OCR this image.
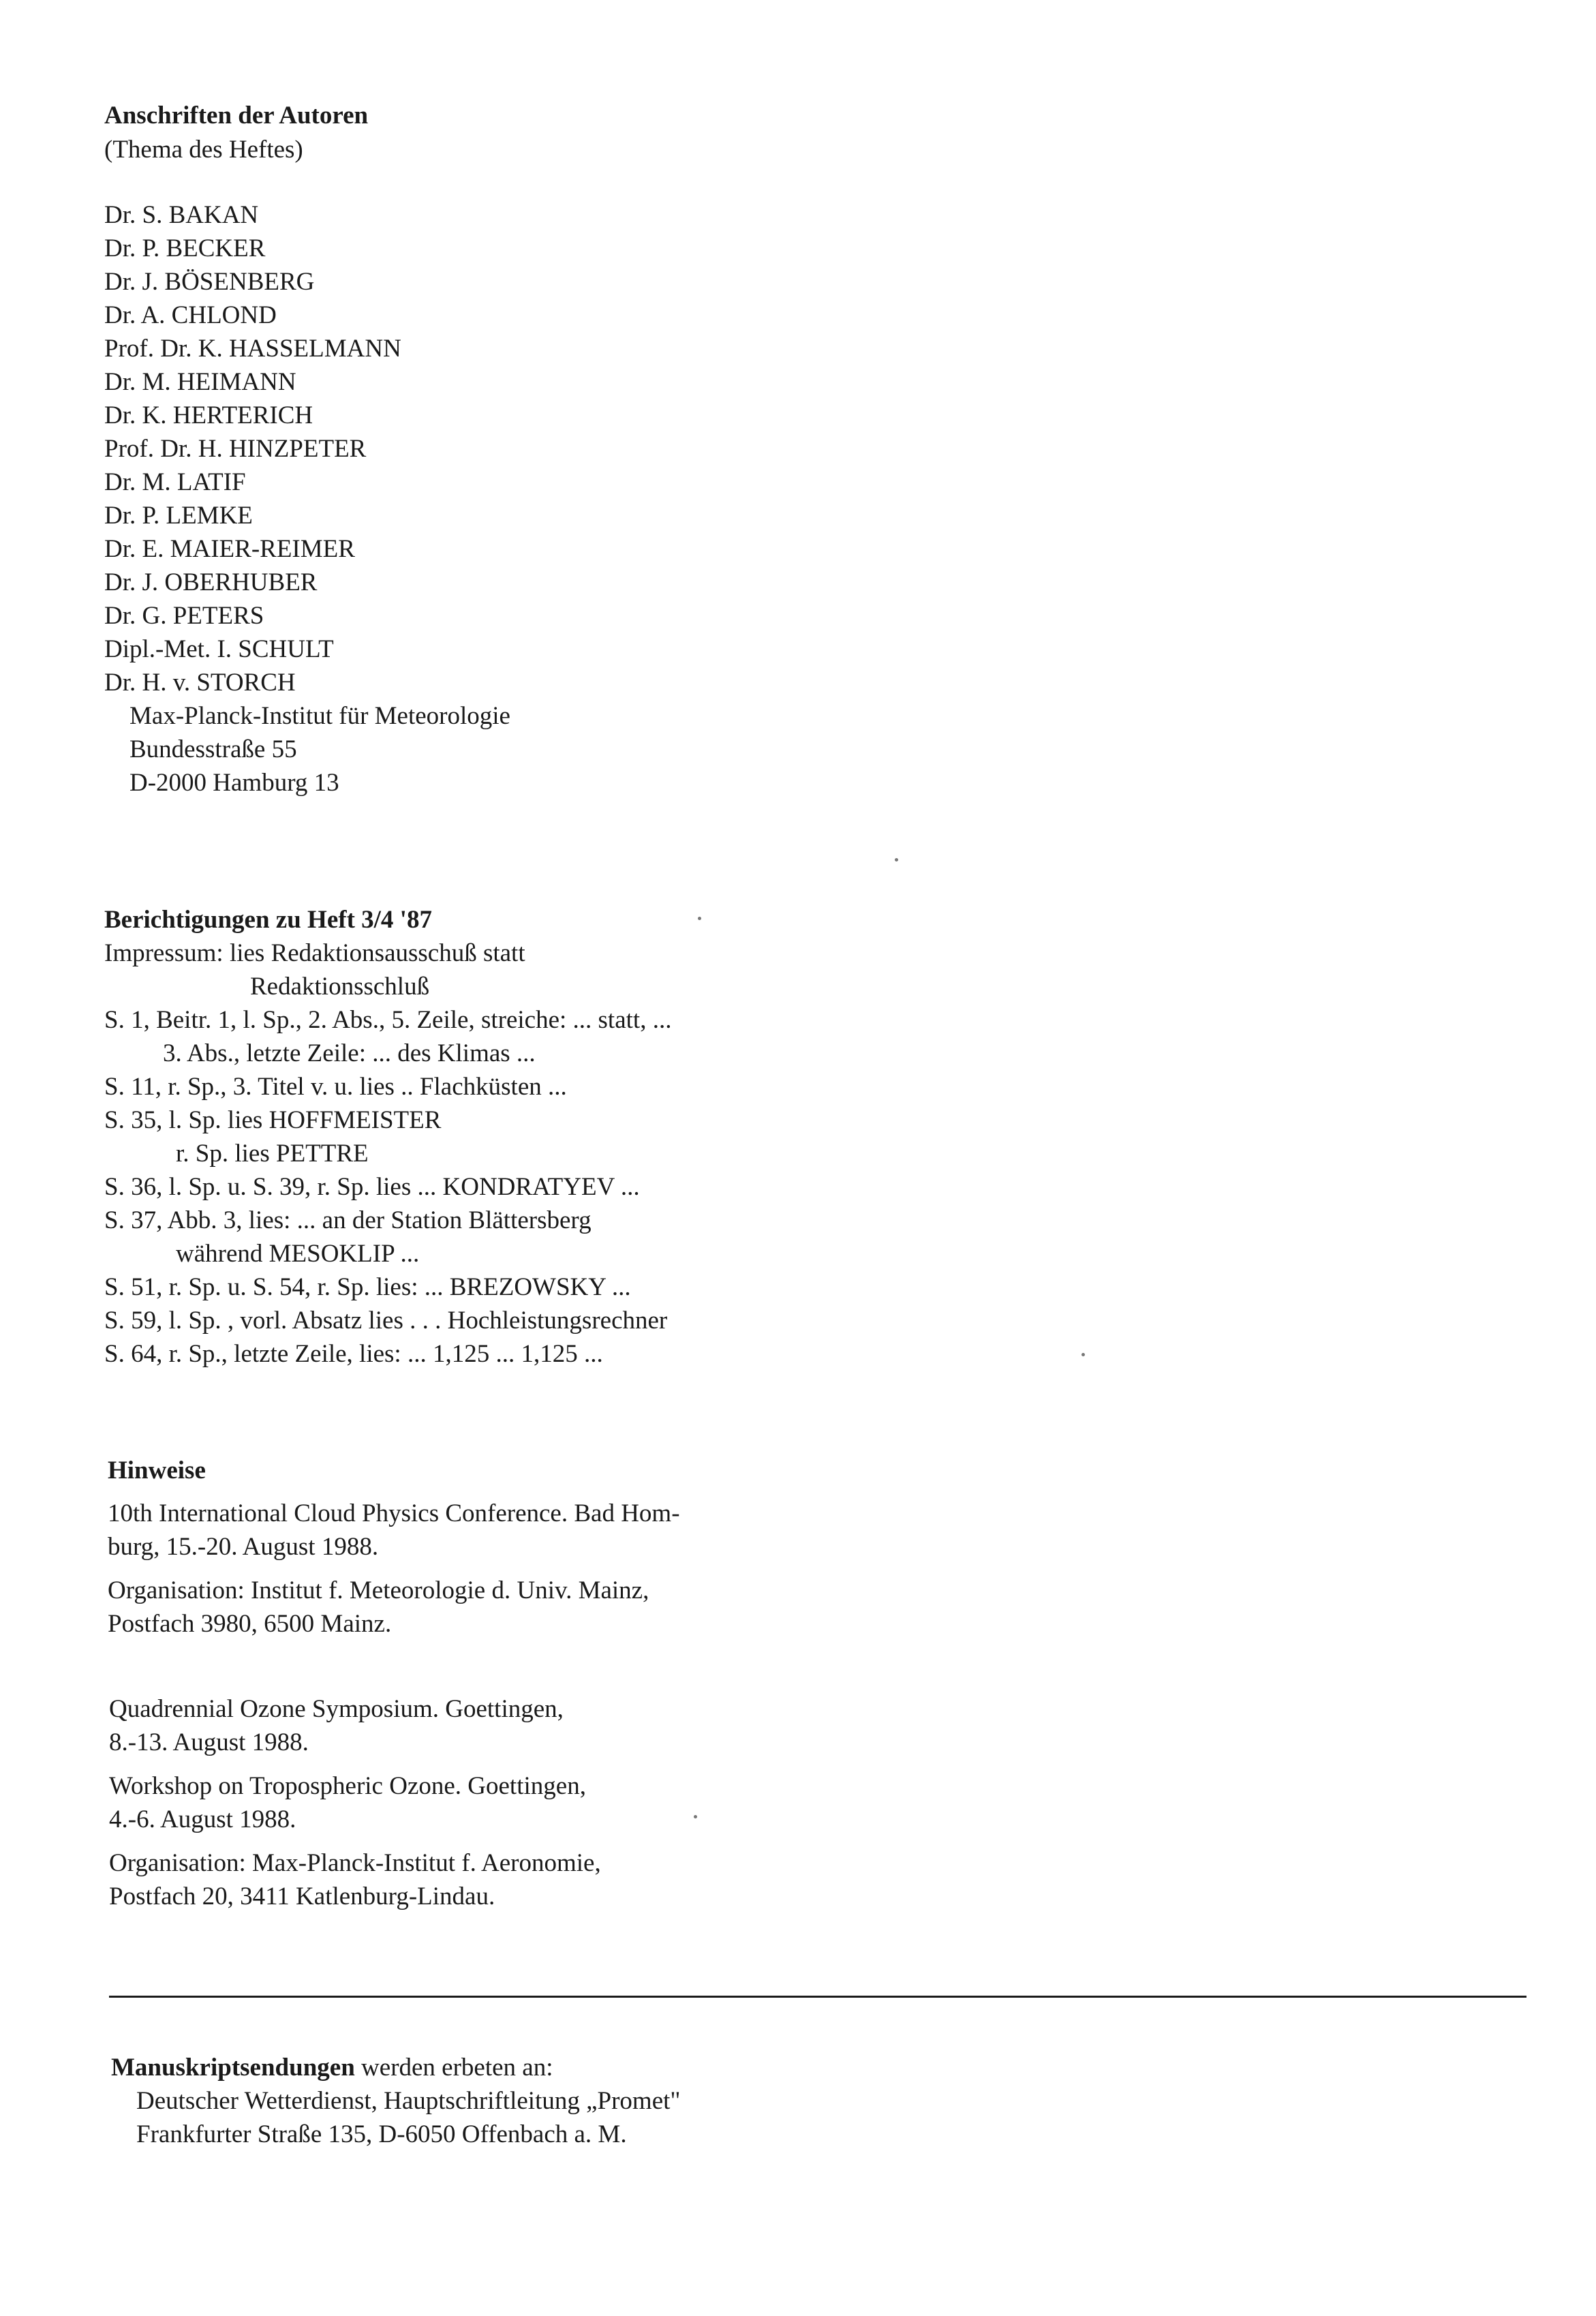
Anschriften der Autoren
(Thema des Heftes)
Dr. S. BAKAN
Dr. P. BECKER
Dr. J. BÖSENBERG
Dr. A. CHLOND
Prof. Dr. K. HASSELMANN
Dr. M. HEIMANN
Dr. K. HERTERICH
Prof. Dr. H. HINZPETER
Dr. M. LATIF
Dr. P. LEMKE
Dr. E. MAIER-REIMER
Dr. J. OBERHUBER
Dr. G. PETERS
Dipl.-Met. I. SCHULT
Dr. H. v. STORCH
Max-Planck-Institut für Meteorologie
Bundesstraße 55
D-2000 Hamburg 13
Berichtigungen zu Heft 3/4 '87
Impressum: lies Redaktionsausschuß statt
Redaktionsschluß
S. 1, Beitr. 1, l. Sp., 2. Abs., 5. Zeile, streiche: ... statt, ...
3. Abs., letzte Zeile: ... des Klimas ...
S. 11, r. Sp., 3. Titel v. u. lies .. Flachküsten ...
S. 35, l. Sp. lies HOFFMEISTER
r. Sp. lies PETTRE
S. 36, l. Sp. u. S. 39, r. Sp. lies ... KONDRATYEV ...
S. 37, Abb. 3, lies: ... an der Station Blättersberg
während MESOKLIP ...
S. 51, r. Sp. u. S. 54, r. Sp. lies: ... BREZOWSKY ...
S. 59, l. Sp. , vorl. Absatz lies . . . Hochleistungsrechner
S. 64, r. Sp., letzte Zeile, lies: ... 1,125 ... 1,125 ...
Hinweise
10th International Cloud Physics Conference. Bad Hom-
burg, 15.-20. August 1988.
Organisation: Institut f. Meteorologie d. Univ. Mainz,
Postfach 3980, 6500 Mainz.
Quadrennial Ozone Symposium. Goettingen,
8.-13. August 1988.
Workshop on Tropospheric Ozone. Goettingen,
4.-6. August 1988.
Organisation: Max-Planck-Institut f. Aeronomie,
Postfach 20, 3411 Katlenburg-Lindau.
Manuskriptsendungen werden erbeten an:
Deutscher Wetterdienst, Hauptschriftleitung „Promet"
Frankfurter Straße 135, D-6050 Offenbach a. M.
